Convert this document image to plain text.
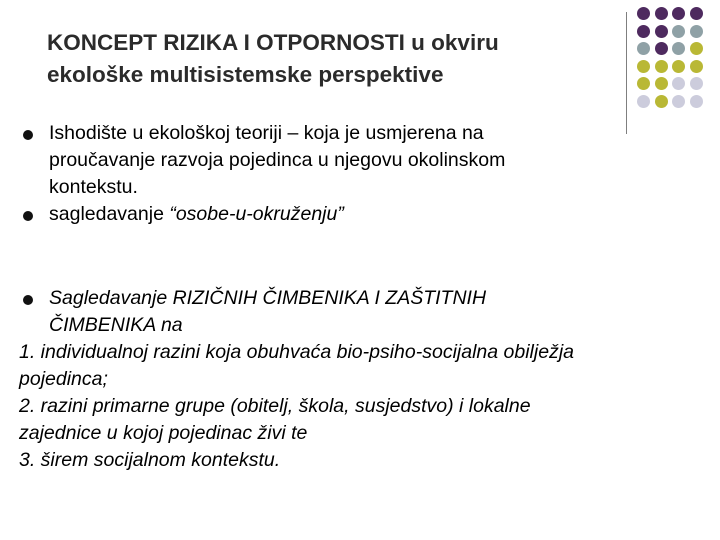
KONCEPT RIZIKA I OTPORNOSTI u okviru
ekološke multisistemske perspektive
Ishodište u ekološkoj teoriji – koja je usmjerena na
proučavanje razvoja pojedinca u njegovu okolinskom
kontekstu.
sagledavanje “osobe-u-okruženju”
Sagledavanje RIZIČNIH ČIMBENIKA I ZAŠTITNIH
ČIMBENIKA na
1. individualnoj razini koja obuhvaća bio-psiho-socijalna obilježja
pojedinca;
2. razini primarne grupe (obitelj, škola, susjedstvo) i lokalne
zajednice u kojoj pojedinac živi te
3. širem socijalnom kontekstu.
